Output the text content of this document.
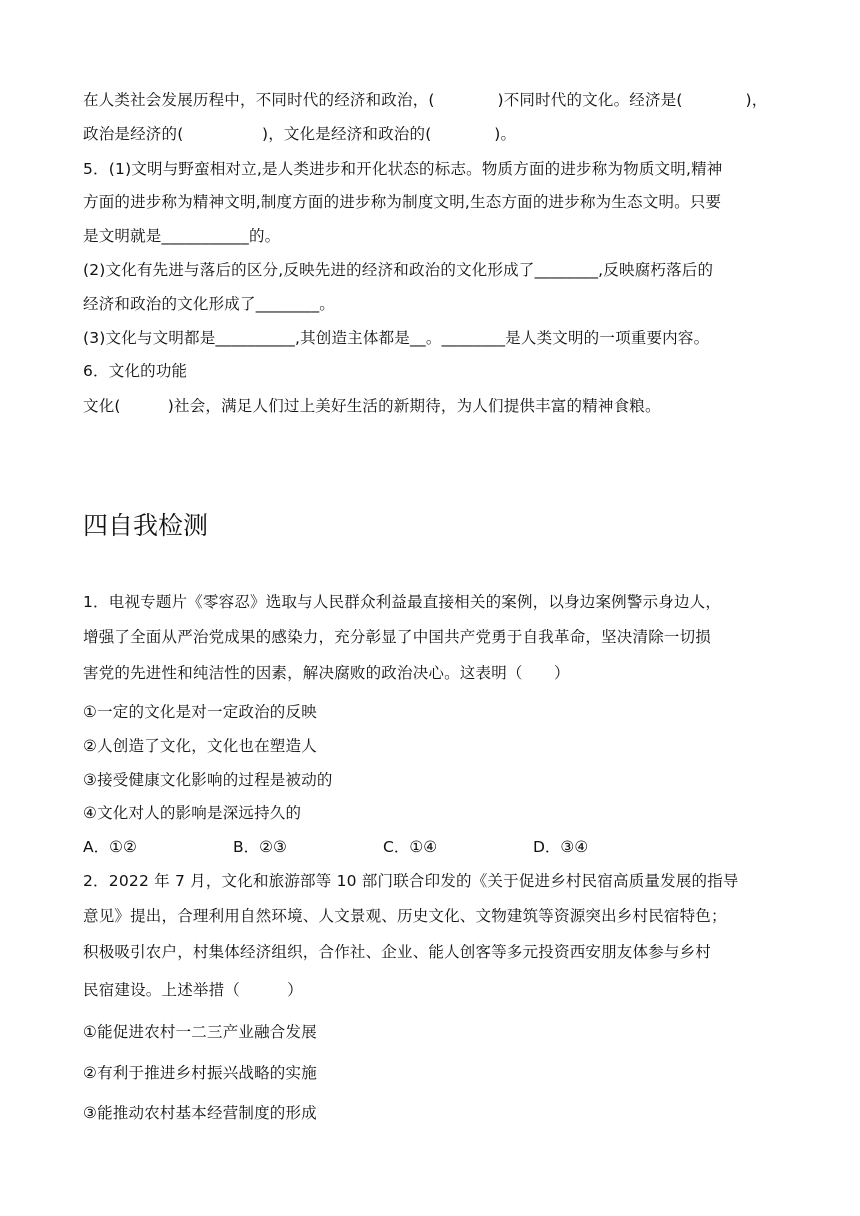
在人类社会发展历程中，不同时代的经济和政治，(　　　　)不同时代的文化。经济是(　　　　)，
政治是经济的(　　　　　)，文化是经济和政治的(　　　　)。
5．(1)文明与野蛮相对立,是人类进步和开化状态的标志。物质方面的进步称为物质文明,精神
方面的进步称为精神文明,制度方面的进步称为制度文明,生态方面的进步称为生态文明。只要
是文明就是___________的。
(2)文化有先进与落后的区分,反映先进的经济和政治的文化形成了________,反映腐朽落后的
经济和政治的文化形成了________。
(3)文化与文明都是__________,其创造主体都是__。________是人类文明的一项重要内容。
6．文化的功能
文化(　　　)社会，满足人们过上美好生活的新期待，为人们提供丰富的精神食粮。
四自我检测
1．电视专题片《零容忍》选取与人民群众利益最直接相关的案例，以身边案例警示身边人，
增强了全面从严治党成果的感染力，充分彰显了中国共产党勇于自我革命，坚决清除一切损
害党的先进性和纯洁性的因素，解决腐败的政治决心。这表明（　　）
①一定的文化是对一定政治的反映
②人创造了文化，文化也在塑造人
③接受健康文化影响的过程是被动的
④文化对人的影响是深远持久的
A．①②	B．②③	C．①④	D．③④
2．2022 年 7 月，文化和旅游部等 10 部门联合印发的《关于促进乡村民宿高质量发展的指导
意见》提出，合理利用自然环境、人文景观、历史文化、文物建筑等资源突出乡村民宿特色；
积极吸引农户，村集体经济组织，合作社、企业、能人创客等多元投资西安朋友体参与乡村
民宿建设。上述举措（　　　）
①能促进农村一二三产业融合发展
②有利于推进乡村振兴战略的实施
③能推动农村基本经营制度的形成
